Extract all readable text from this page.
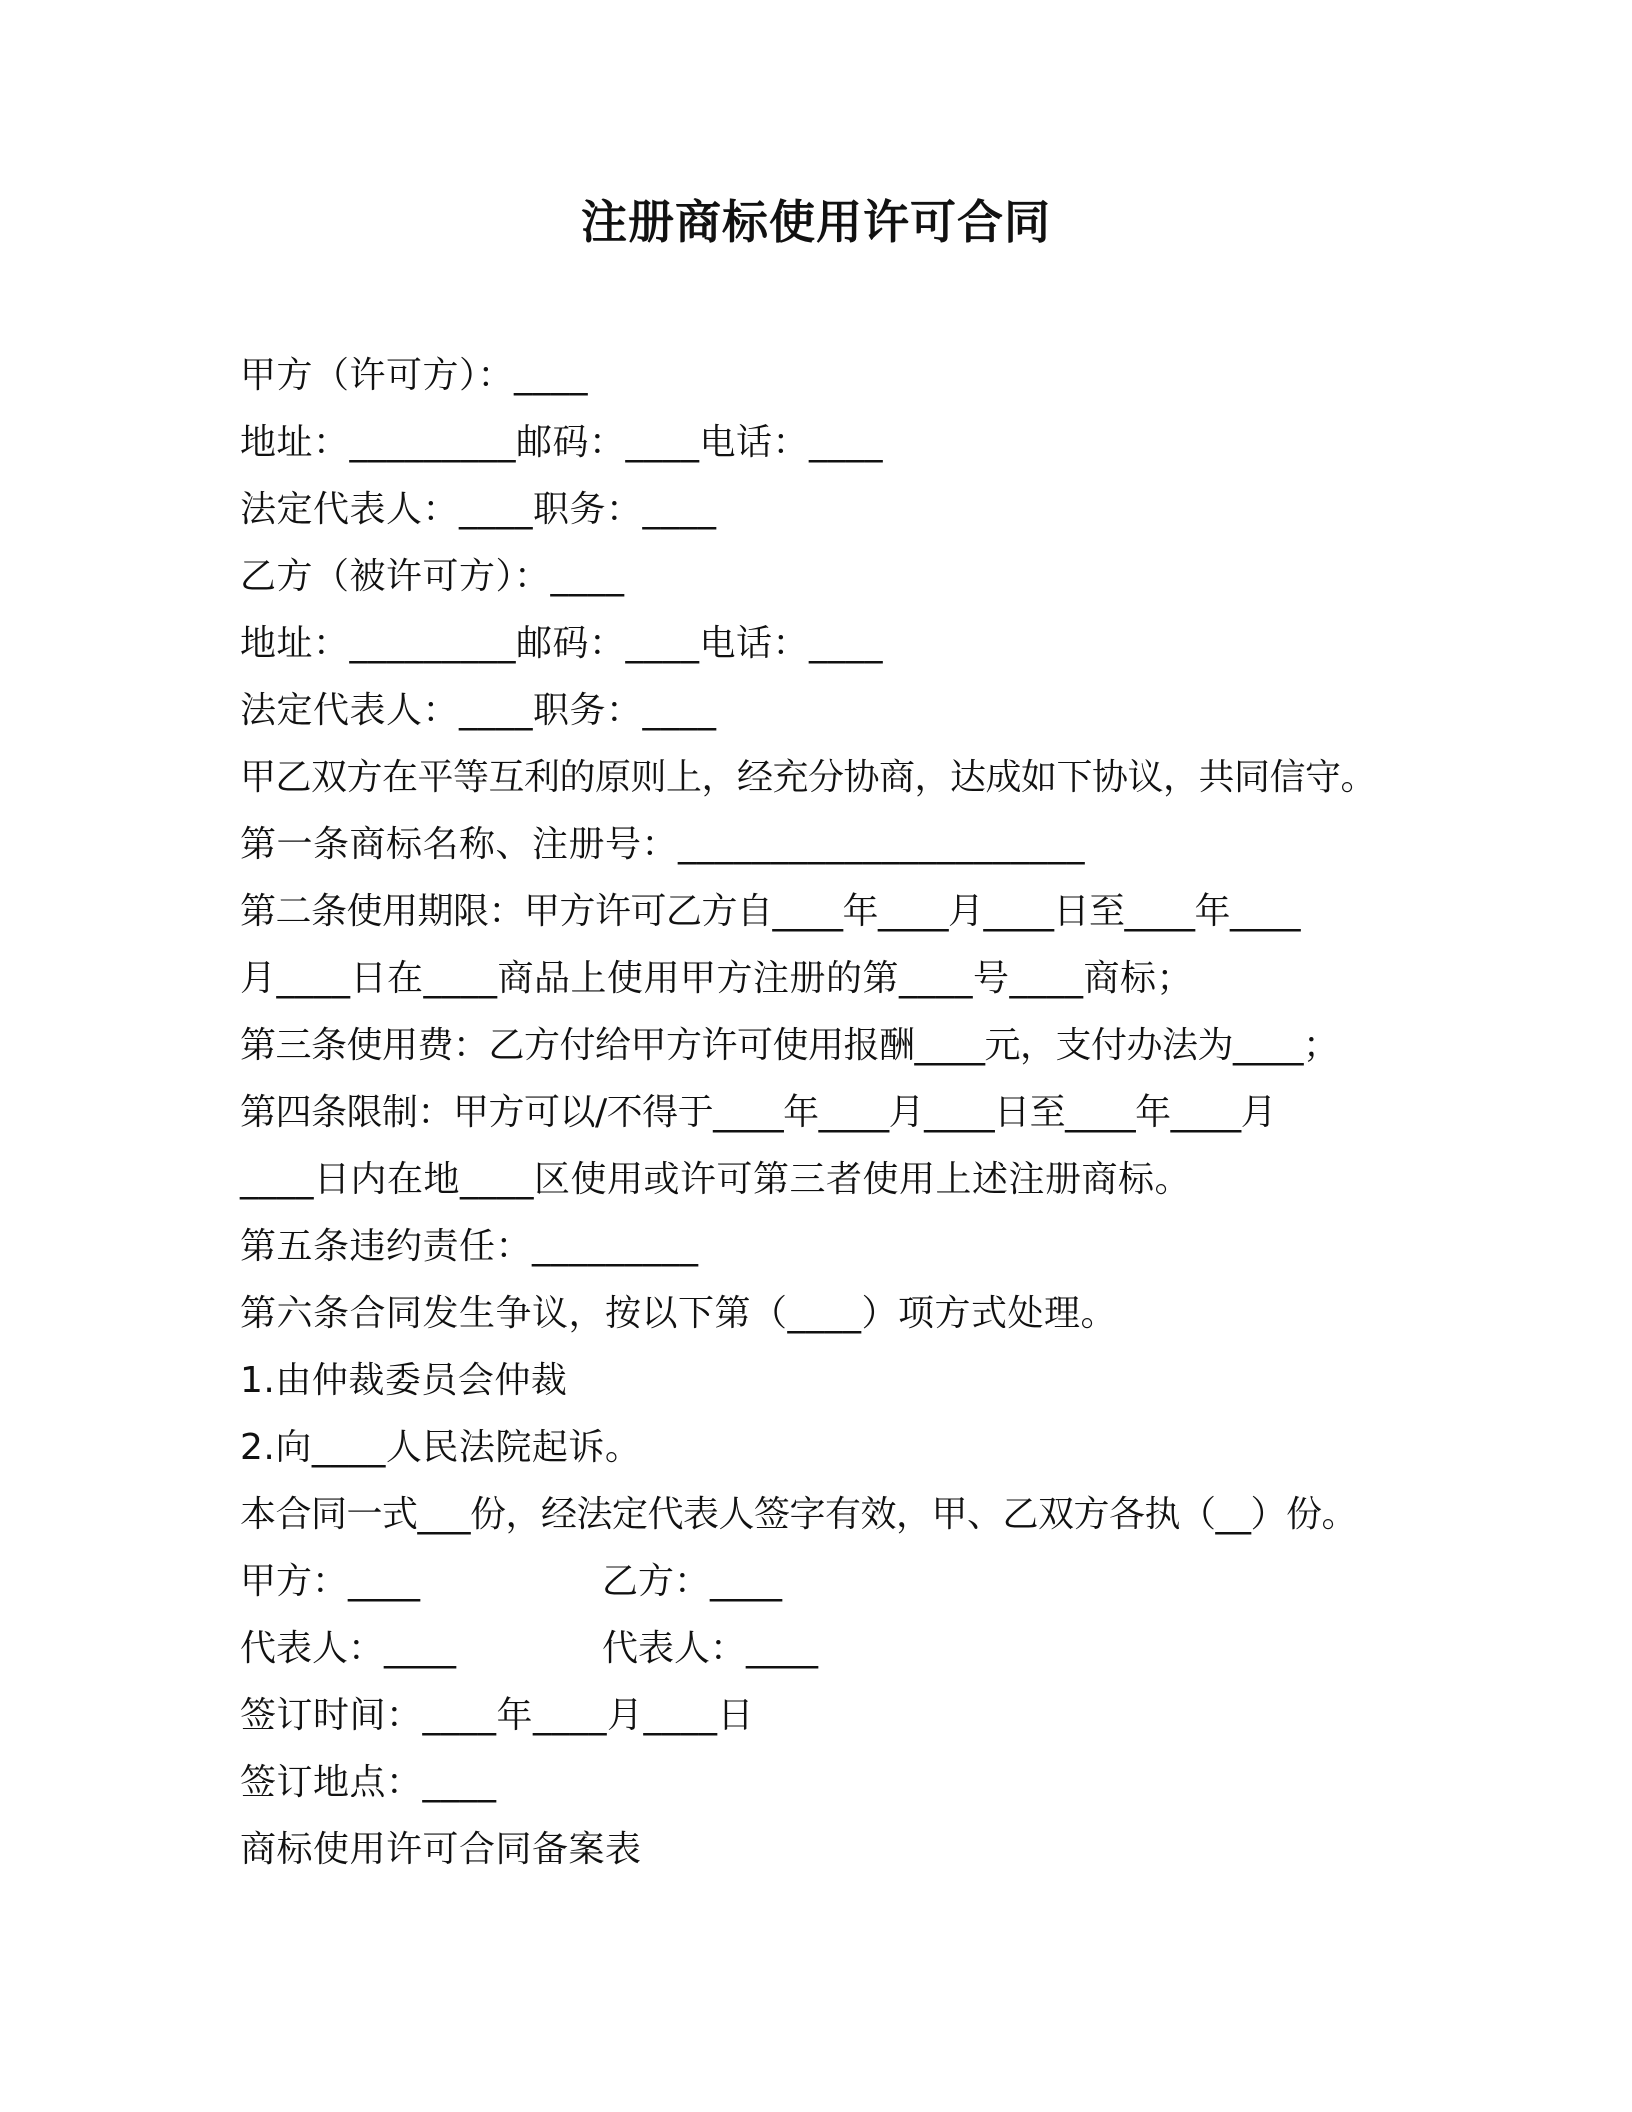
注册商标使用许可合同
甲方（许可方）：____
地址：_________邮码：____电话：____
法定代表人：____职务：____
乙方（被许可方）：____
地址：_________邮码：____电话：____
法定代表人：____职务：____
甲乙双方在平等互利的原则上，经充分协商，达成如下协议，共同信守。
第一条商标名称、注册号：______________________
第二条使用期限：甲方许可乙方自____年____月____日至____年____
月____日在____商品上使用甲方注册的第____号____商标；
第三条使用费：乙方付给甲方许可使用报酬____元，支付办法为____；
第四条限制：甲方可以/不得于____年____月____日至____年____月
____日内在地____区使用或许可第三者使用上述注册商标。
第五条违约责任：_________
第六条合同发生争议，按以下第（____）项方式处理。
1.由仲裁委员会仲裁
2.向____人民法院起诉。
本合同一式___份，经法定代表人签字有效，甲、乙双方各执（__）份。

甲方：____

	乙方：____

代表人：____

	代表人：____

签订时间：____年____月____日
签订地点：____
商标使用许可合同备案表
